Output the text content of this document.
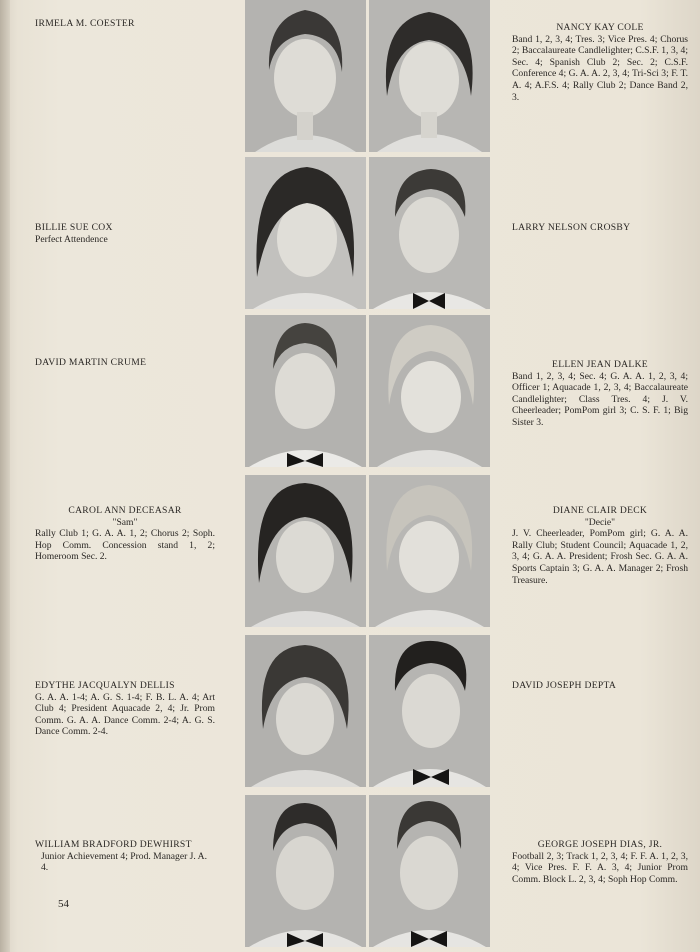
IRMELA M. COESTER	NANCY KAY COLE
Band 1, 2, 3, 4; Tres. 3; Vice Pres. 4; Chorus 2; Baccalaureate Candlelighter; C.S.F. 1, 3, 4; Sec. 4; Spanish Club 2; Sec. 2; C.S.F. Conference 4; G. A. A. 2, 3, 4; Tri-Sci 3; F. T. A. 4; A.F.S. 4; Rally Club 2; Dance Band 2, 3.
BILLIE SUE COX
Perfect Attendence
LARRY NELSON CROSBY
DAVID MARTIN CRUME	ELLEN JEAN DALKE
Band 1, 2, 3, 4; Sec. 4; G. A. A. 1, 2, 3, 4; Officer 1; Aquacade 1, 2, 3, 4; Baccalaureate Candlelighter; Class Tres. 4; J. V. Cheerleader; PomPom girl 3; C. S. F. 1; Big Sister 3.
CAROL ANN DECEASAR
"Sam"
Rally Club 1; G. A. A. 1, 2; Chorus 2; Soph. Hop Comm. Concession stand 1, 2; Homeroom Sec. 2.
DIANE CLAIR DECK
"Decie"
J. V. Cheerleader, PomPom girl; G. A. A. Rally Club; Student Council; Aquacade 1, 2, 3, 4; G. A. A. President; Frosh Sec. G. A. A. Sports Captain 3; G. A. A. Manager 2; Frosh Treasure.
EDYTHE JACQUALYN DELLIS
G. A. A. 1-4; A. G. S. 1-4; F. B. L. A. 4; Art Club 4; President Aquacade 2, 4; Jr. Prom Comm. G. A. A. Dance Comm. 2-4; A. G. S. Dance Comm. 2-4.
DAVID JOSEPH DEPTA
WILLIAM BRADFORD DEWHIRST
Junior Achievement 4; Prod. Manager J. A. 4.
GEORGE JOSEPH DIAS, JR.
Football 2, 3; Track 1, 2, 3, 4; F. F. A. 1, 2, 3, 4; Vice Pres. F. F. A. 3, 4; Junior Prom Comm. Block L. 2, 3, 4; Soph Hop Comm.
54
